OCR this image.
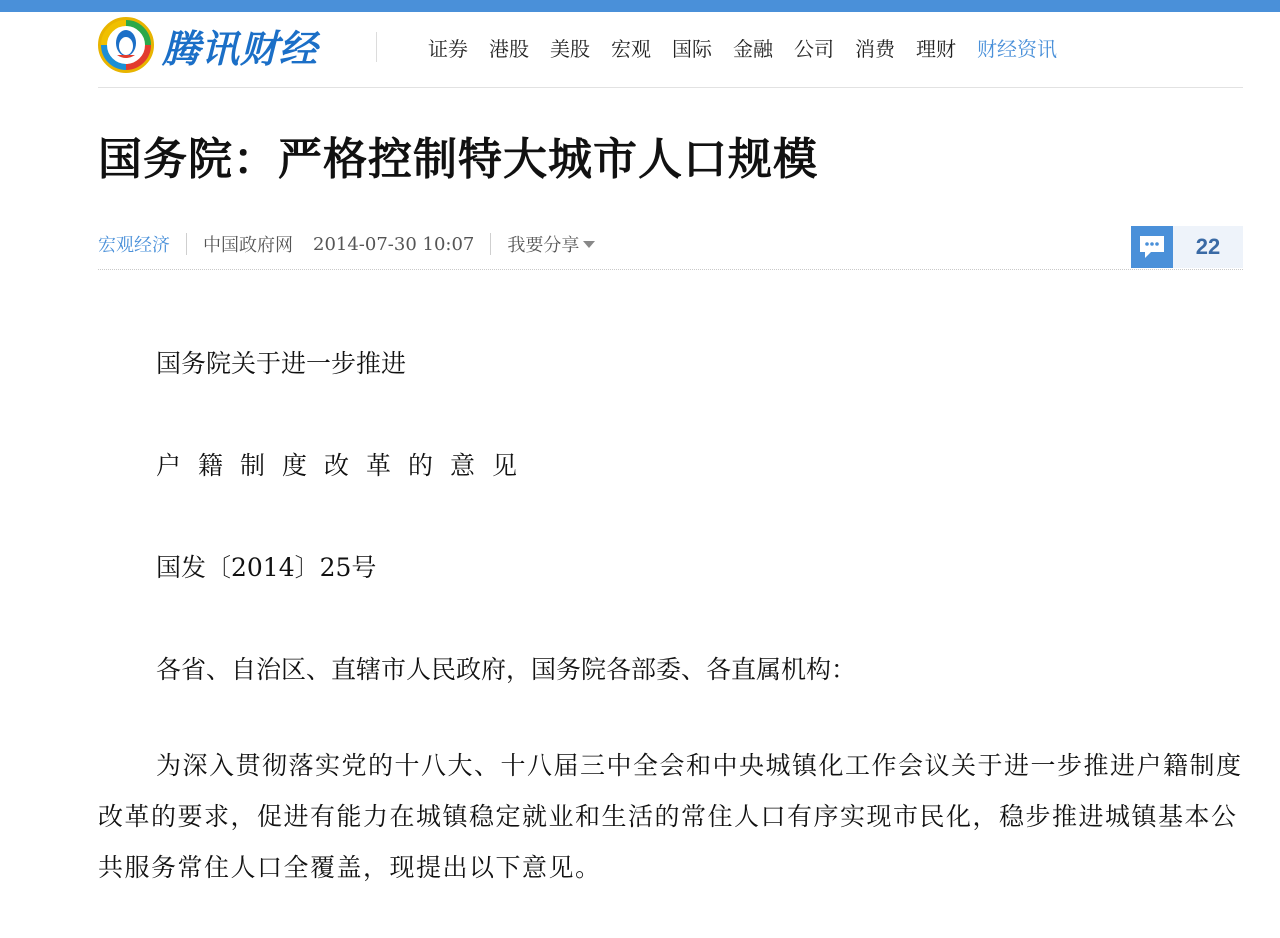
腾讯财经	证券 港股 美股 宏观 国际 金融 公司 消费 理财 财经资讯
国务院：严格控制特大城市人口规模
宏观经济 中国政府网 2014-07-30 10:07 我要分享	22

国务院关于进一步推进

户籍制度改革的意见

国发〔2014〕25号

各省、自治区、直辖市人民政府，国务院各部委、各直属机构：

为深入贯彻落实党的十八大、十八届三中全会和中央城镇化工作会议关于进一步推进户籍制度改革的要求，促进有能力在城镇稳定就业和生活的常住人口有序实现市民化，稳步推进城镇基本公共服务常住人口全覆盖，现提出以下意见。
